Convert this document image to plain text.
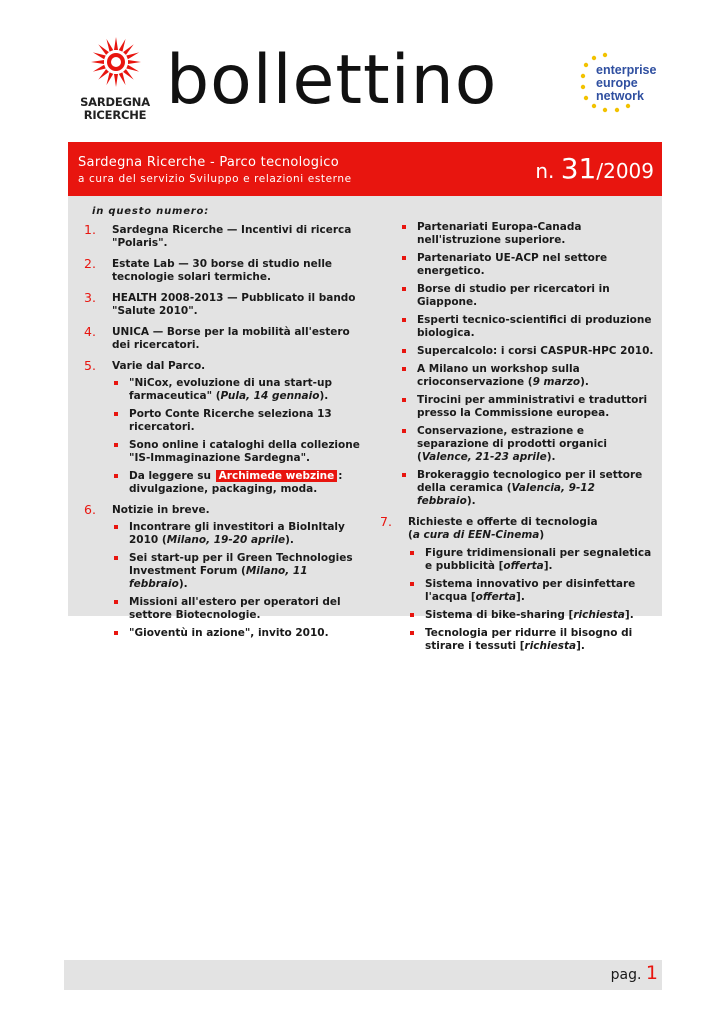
SARDEGNA RICERCHE bollettino	enterprise europe network
Sardegna Ricerche - Parco tecnologico
a cura del servizio Sviluppo e relazioni esterne	n. 31/2009
in questo numero:
1. Sardegna Ricerche — Incentivi di ricerca "Polaris".
2. Estate Lab — 30 borse di studio nelle tecnologie solari termiche.
3. HEALTH 2008-2013 — Pubblicato il bando "Salute 2010".
4. UNICA — Borse per la mobilità all'estero dei ricercatori.
5. Varie dal Parco.
"NiCox, evoluzione di una start-up farmaceutica" (Pula, 14 gennaio).
Porto Conte Ricerche seleziona 13 ricercatori.
Sono online i cataloghi della collezione "IS-Immaginazione Sardegna".
Da leggere su Archimede webzine : divulgazione, packaging, moda.
6. Notizie in breve.
Incontrare gli investitori a BioInItaly 2010 (Milano, 19-20 aprile).
Sei start-up per il Green Technologies Investment Forum (Milano, 11 febbraio).
Missioni all'estero per operatori del settore Biotecnologie.
"Gioventù in azione", invito 2010.
Partenariati Europa-Canada nell'istruzione superiore.
Partenariato UE-ACP nel settore energetico.
Borse di studio per ricercatori in Giappone.
Esperti tecnico-scientifici di produzione biologica.
Supercalcolo: i corsi CASPUR-HPC 2010.
A Milano un workshop sulla crioconservazione (9 marzo).
Tirocini per amministrativi e traduttori presso la Commissione europea.
Conservazione, estrazione e separazione di prodotti organici (Valence, 21-23 aprile).
Brokeraggio tecnologico per il settore della ceramica (Valencia, 9-12 febbraio).
7. Richieste e offerte di tecnologia
(a cura di EEN-Cinema)
Figure tridimensionali per segnaletica e pubblicità [offerta].
Sistema innovativo per disinfettare l'acqua [offerta].
Sistema di bike-sharing [richiesta].
Tecnologia per ridurre il bisogno di stirare i tessuti [richiesta].
pag. 1
